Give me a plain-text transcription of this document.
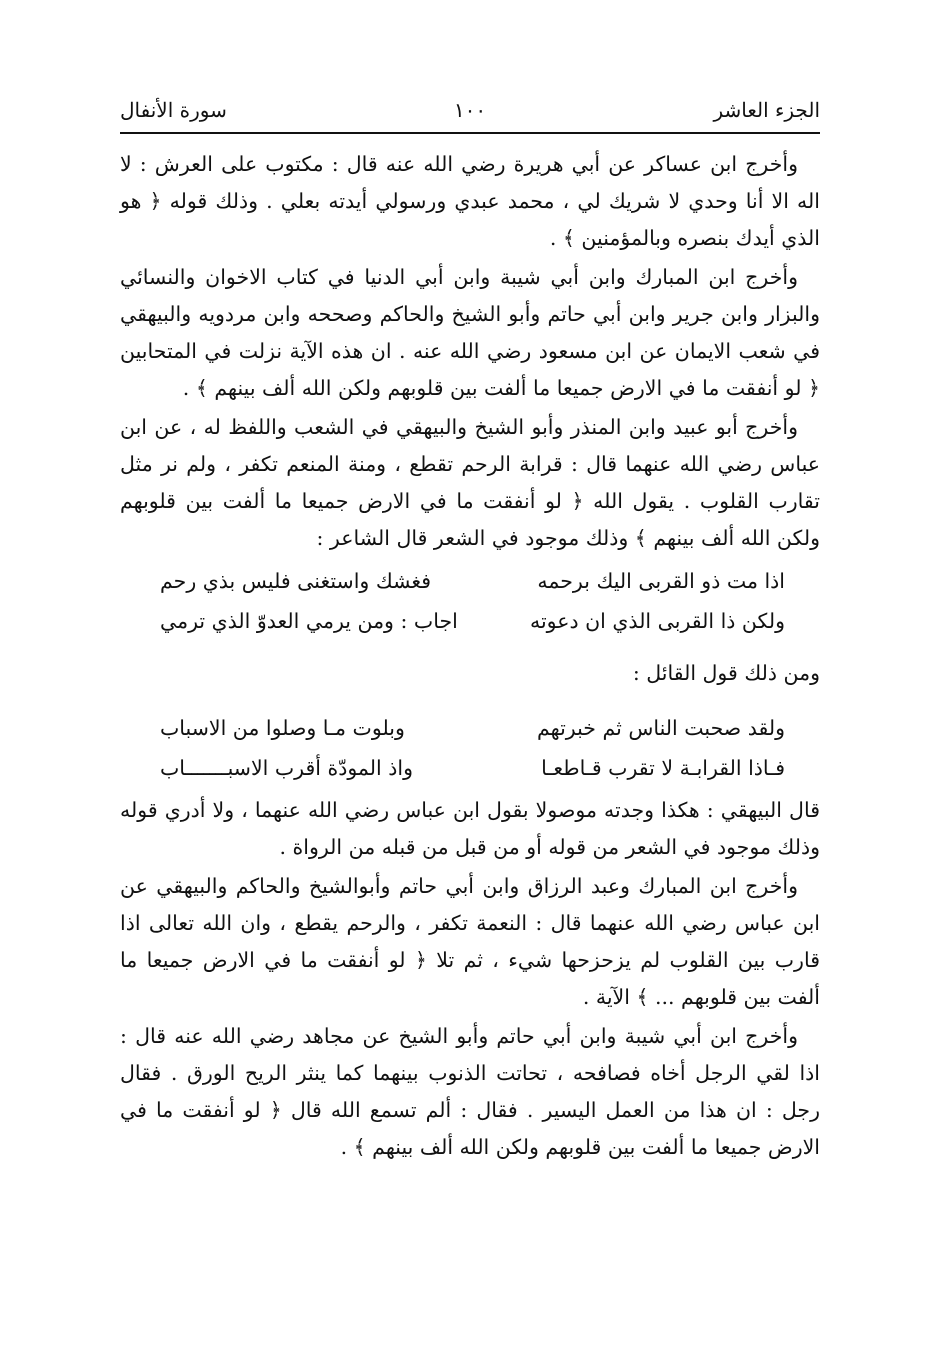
الجزء العاشر
١٠٠
سورة الأنفال

وأخرج ابن عساكر عن أبي هريرة رضي الله عنه قال : مكتوب على العرش : لا اله الا أنا وحدي لا شريك لي ، محمد عبدي ورسولي أيدته بعلي . وذلك قوله ﴿ هو الذي أيدك بنصره وبالمؤمنين ﴾ .

وأخرج ابن المبارك وابن أبي شيبة وابن أبي الدنيا في كتاب الاخوان والنسائي والبزار وابن جرير وابن أبي حاتم وأبو الشيخ والحاكم وصححه وابن مردويه والبيهقي في شعب الايمان عن ابن مسعود رضي الله عنه . ان هذه الآية نزلت في المتحابين ﴿ لو أنفقت ما في الارض جميعا ما ألفت بين قلوبهم ولكن الله ألف بينهم ﴾ .

وأخرج أبو عبيد وابن المنذر وأبو الشيخ والبيهقي في الشعب واللفظ له ، عن ابن عباس رضي الله عنهما قال : قرابة الرحم تقطع ، ومنة المنعم تكفر ، ولم نر مثل تقارب القلوب . يقول الله ﴿ لو أنفقت ما في الارض جميعا ما ألفت بين قلوبهم ولكن الله ألف بينهم ﴾ وذلك موجود في الشعر قال الشاعر :

اذا مت ذو القربى اليك برحمه
فغشك واستغنى فليس بذي رحم
ولكن ذا القربى الذي ان دعوته
اجاب : ومن يرمي العدوّ الذي ترمي

ومن ذلك قول القائل :

ولقد صحبت الناس ثم خبرتهم
وبلوت مـا وصلوا من الاسباب
فـاذا القرابـة لا تقرب قـاطعـا
واذ المودّة أقرب الاسبـــــــاب

قال البيهقي : هكذا وجدته موصولا بقول ابن عباس رضي الله عنهما ، ولا أدري قوله وذلك موجود في الشعر من قوله أو من قبل من قبله من الرواة .

وأخرج ابن المبارك وعبد الرزاق وابن أبي حاتم وأبوالشيخ والحاكم والبيهقي عن ابن عباس رضي الله عنهما قال : النعمة تكفر ، والرحم يقطع ، وان الله تعالى اذا قارب بين القلوب لم يزحزحها شيء ، ثم تلا ﴿ لو أنفقت ما في الارض جميعا ما ألفت بين قلوبهم ... ﴾ الآية .

وأخرج ابن أبي شيبة وابن أبي حاتم وأبو الشيخ عن مجاهد رضي الله عنه قال : اذا لقي الرجل أخاه فصافحه ، تحاتت الذنوب بينهما كما ينثر الريح الورق . فقال رجل : ان هذا من العمل اليسير . فقال : ألم تسمع الله قال ﴿ لو أنفقت ما في الارض جميعا ما ألفت بين قلوبهم ولكن الله ألف بينهم ﴾ .
